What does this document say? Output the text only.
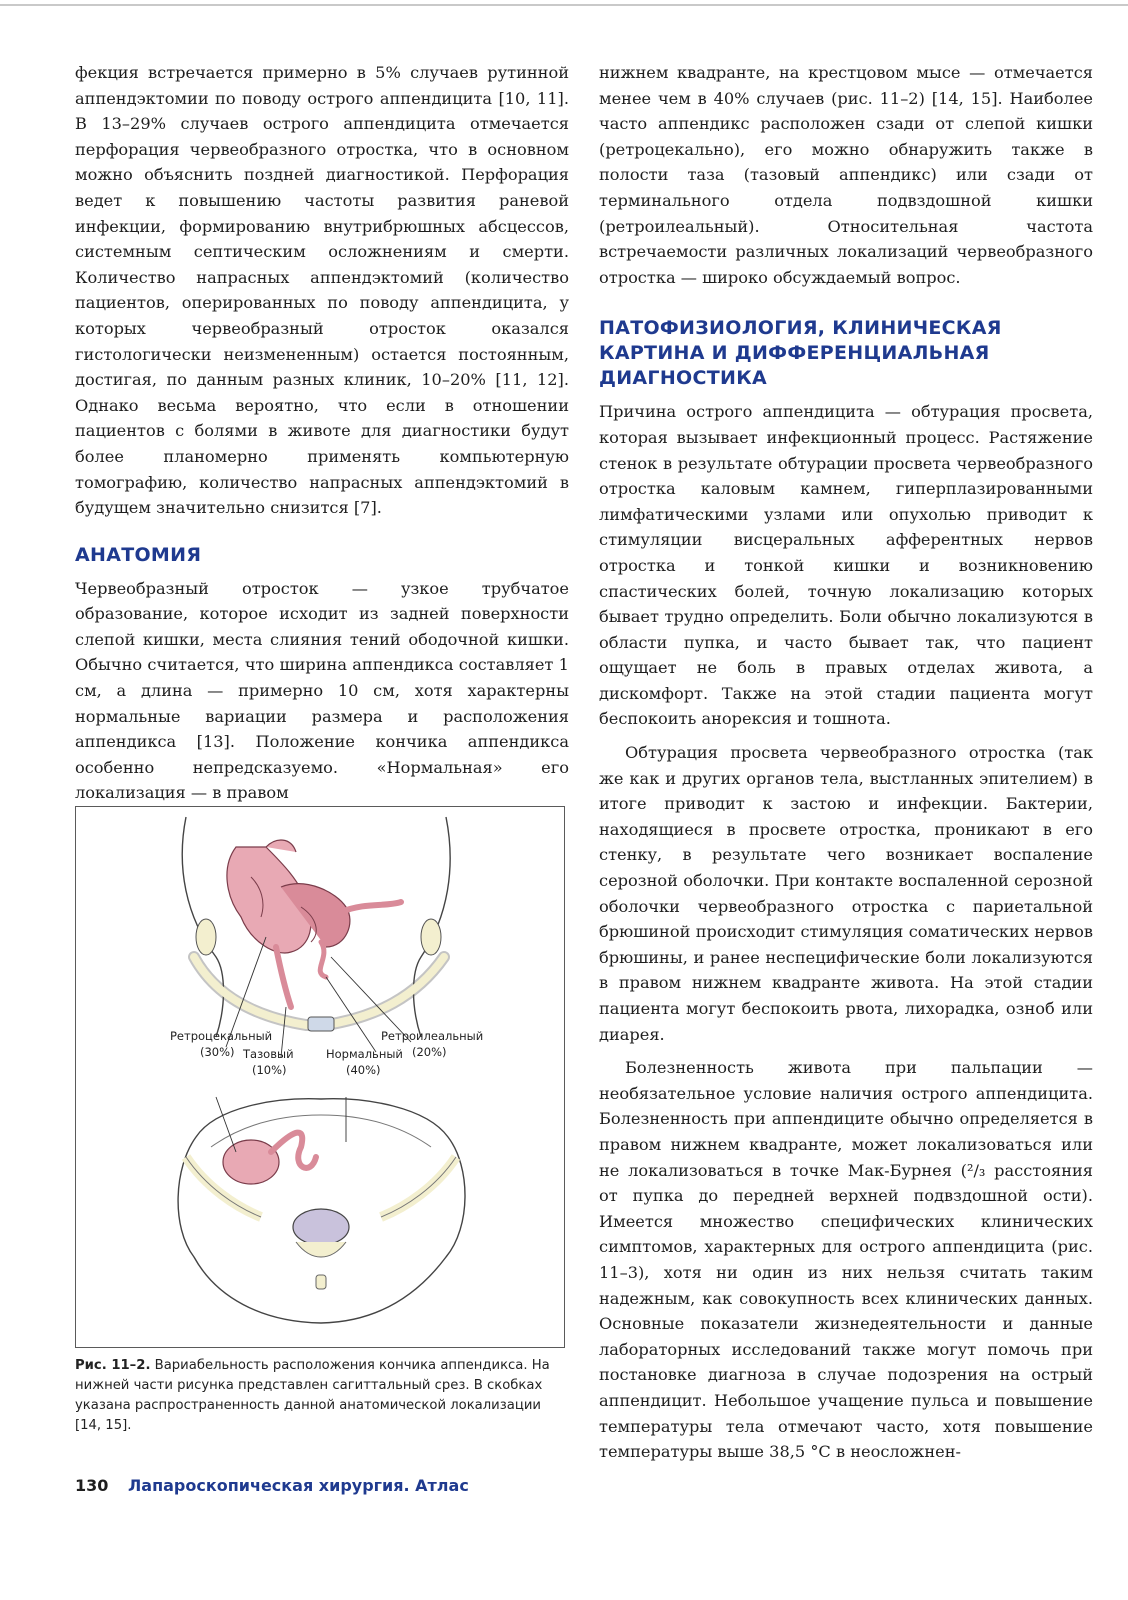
фекция встречается примерно в 5% случаев рутинной аппендэктомии по поводу острого аппендицита [10, 11]. В 13–29% случаев острого аппендицита отмечается перфорация червеобразного отростка, что в основном можно объяснить поздней диагностикой. Перфорация ведет к повышению частоты развития раневой инфекции, формированию внутрибрюшных абсцессов, системным септическим осложнениям и смерти. Количество напрасных аппендэктомий (количество пациентов, оперированных по поводу аппендицита, у которых червеобразный отросток оказался гистологически неизмененным) остается постоянным, достигая, по данным разных клиник, 10–20% [11, 12]. Однако весьма вероятно, что если в отношении пациентов с болями в животе для диагностики будут более планомерно применять компьютерную томографию, количество напрасных аппендэктомий в будущем значительно снизится [7].

АНАТОМИЯ

Червеобразный отросток — узкое трубчатое образование, которое исходит из задней поверхности слепой кишки, места слияния тений ободочной кишки. Обычно считается, что ширина аппендикса составляет 1 см, а длина — примерно 10 см, хотя характерны нормальные вариации размера и расположения аппендикса [13]. Положение кончика аппендикса особенно непредсказуемо. «Нормальная» его локализация — в правом

нижнем квадранте, на крестцовом мысе — отмечается менее чем в 40% случаев (рис. 11–2) [14, 15]. Наиболее часто аппендикс расположен сзади от слепой кишки (ретроцекально), его можно обнаружить также в полости таза (тазовый аппендикс) или сзади от терминального отдела подвздошной кишки (ретроилеальный). Относительная частота встречаемости различных локализаций червеобразного отростка — широко обсуждаемый вопрос.

ПАТОФИЗИОЛОГИЯ, КЛИНИЧЕСКАЯ КАРТИНА И ДИФФЕРЕНЦИАЛЬНАЯ ДИАГНОСТИКА

Причина острого аппендицита — обтурация просвета, которая вызывает инфекционный процесс. Растяжение стенок в результате обтурации просвета червеобразного отростка каловым камнем, гиперплазированными лимфатическими узлами или опухолью приводит к стимуляции висцеральных афферентных нервов отростка и тонкой кишки и возникновению спастических болей, точную локализацию которых бывает трудно определить. Боли обычно локализуются в области пупка, и часто бывает так, что пациент ощущает не боль в правых отделах живота, а дискомфорт. Также на этой стадии пациента могут беспокоить анорексия и тошнота.

Обтурация просвета червеобразного отростка (так же как и других органов тела, выстланных эпителием) в итоге приводит к застою и инфекции. Бактерии, находящиеся в просвете отростка, проникают в его стенку, в результате чего возникает воспаление серозной оболочки. При контакте воспаленной серозной оболочки червеобразного отростка с париетальной брюшиной происходит стимуляция соматических нервов брюшины, и ранее неспецифические боли локализуются в правом нижнем квадранте живота. На этой стадии пациента могут беспокоить рвота, лихорадка, озноб или диарея.

Болезненность живота при пальпации — необязательное условие наличия острого аппендицита. Болезненность при аппендиците обычно определяется в правом нижнем квадранте, может локализоваться или не локализоваться в точке Мак-Бурнея (²/₃ расстояния от пупка до передней верхней подвздошной ости). Имеется множество специфических клинических симптомов, характерных для острого аппендицита (рис. 11–3), хотя ни один из них нельзя считать таким надежным, как совокупность всех клинических данных. Основные показатели жизнедеятельности и данные лабораторных исследований также могут помочь при постановке диагноза в случае подозрения на острый аппендицит. Небольшое учащение пульса и повышение температуры тела отмечают часто, хотя повышение температуры выше 38,5 °C в неосложнен-

Ретроцекальный
(30%) Тазовый
(10%)
Нормальный
(40%)
Ретроилеальный
(20%)
Рис. 11–2. Вариабельность расположения кончика аппендикса. На нижней части рисунка представлен сагиттальный срез. В скобках указана распространенность данной анатомической локализации [14, 15].
130 Лапароскопическая хирургия. Атлас
